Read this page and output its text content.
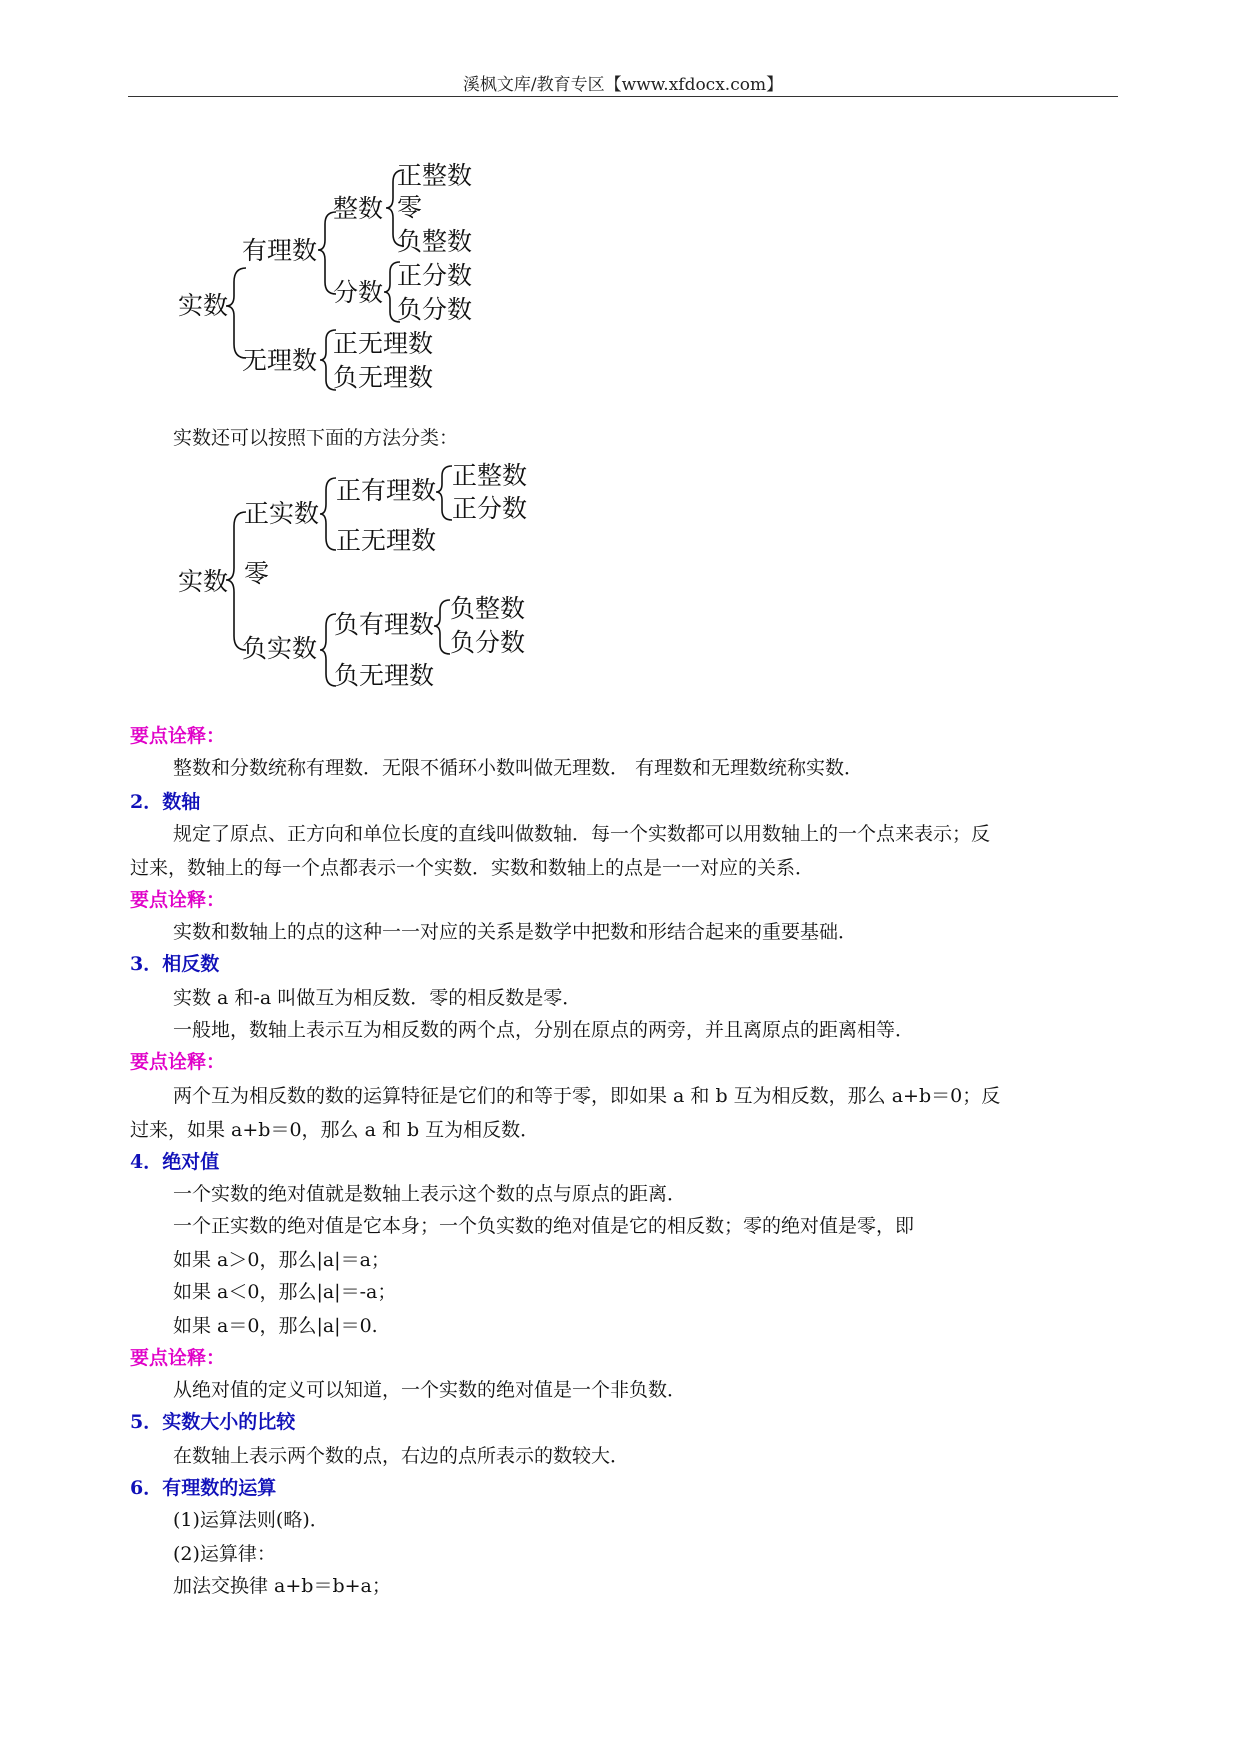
溪枫文库/教育专区【www.xfdocx.com】
实数
有理数
无理数
整数
分数
正整数
零
负整数
正分数
负分数
正无理数
负无理数
实数
正实数
零
负实数
正有理数
正无理数
正整数
正分数
负有理数
负无理数
负整数
负分数
实数还可以按照下面的方法分类：
要点诠释：
整数和分数统称有理数．无限不循环小数叫做无理数． 有理数和无理数统称实数．
2．数轴
规定了原点、正方向和单位长度的直线叫做数轴．每一个实数都可以用数轴上的一个点来表示；反
过来，数轴上的每一个点都表示一个实数．实数和数轴上的点是一一对应的关系．
要点诠释：
实数和数轴上的点的这种一一对应的关系是数学中把数和形结合起来的重要基础．
3．相反数
实数 a 和-a 叫做互为相反数．零的相反数是零．
一般地，数轴上表示互为相反数的两个点，分别在原点的两旁，并且离原点的距离相等．
要点诠释：
两个互为相反数的数的运算特征是它们的和等于零，即如果 a 和 b 互为相反数，那么 a+b＝0；反
过来，如果 a+b＝0，那么 a 和 b 互为相反数．
4．绝对值
一个实数的绝对值就是数轴上表示这个数的点与原点的距离．
一个正实数的绝对值是它本身；一个负实数的绝对值是它的相反数；零的绝对值是零，即
如果 a＞0，那么|a|＝a；
如果 a＜0，那么|a|＝-a；
如果 a＝0，那么|a|＝0.
要点诠释：
从绝对值的定义可以知道，一个实数的绝对值是一个非负数．
5．实数大小的比较
在数轴上表示两个数的点，右边的点所表示的数较大．
6．有理数的运算
(1)运算法则(略)．
(2)运算律：
加法交换律 a+b＝b+a；
